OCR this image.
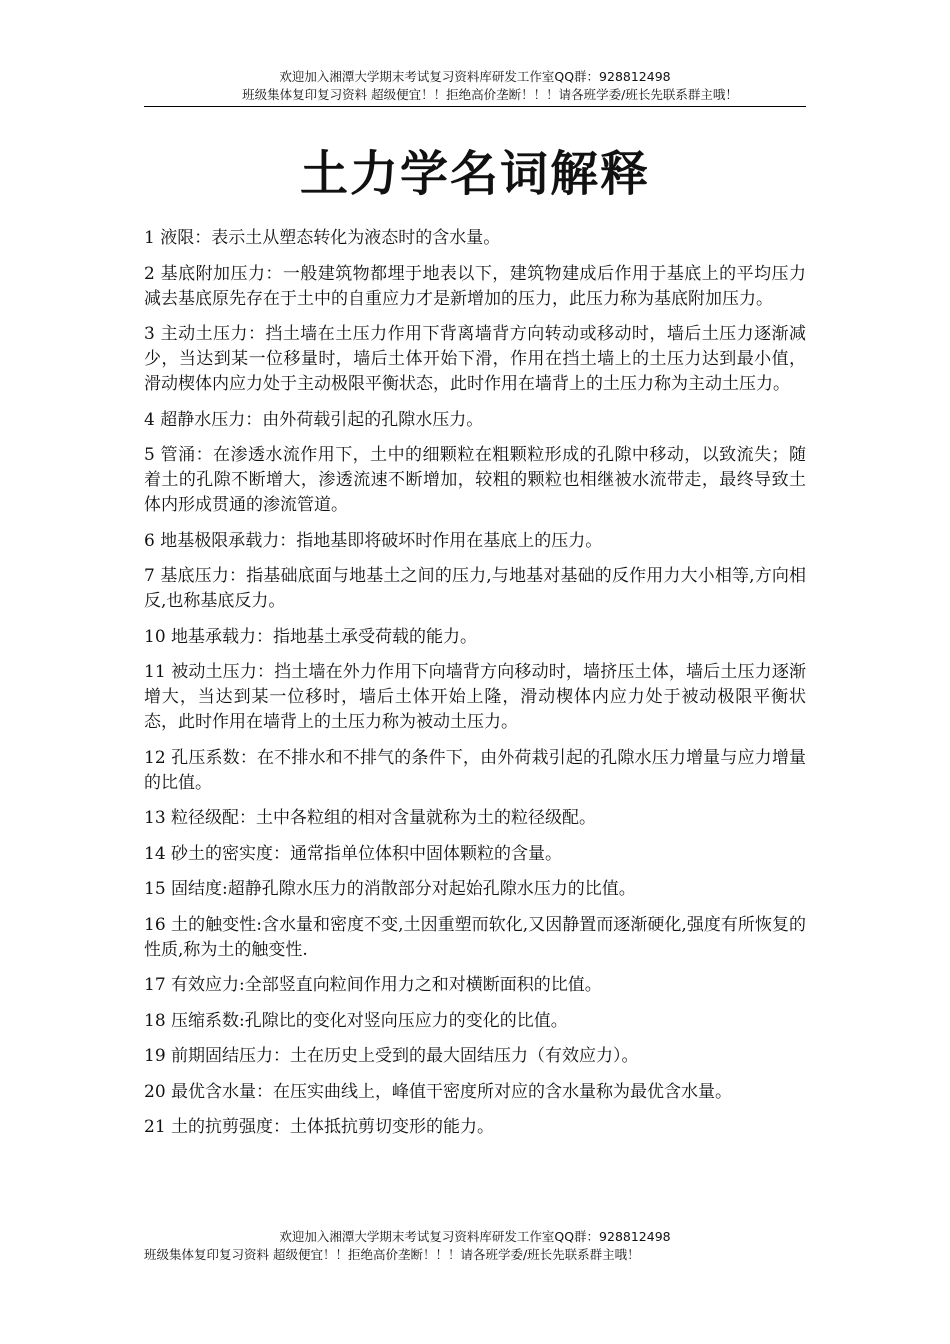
欢迎加入湘潭大学期末考试复习资料库研发工作室QQ群：928812498
班级集体复印复习资料 超级便宜！！拒绝高价垄断！！！请各班学委/班长先联系群主哦！
土力学名词解释

1 液限：表示土从塑态转化为液态时的含水量。

2 基底附加压力：一般建筑物都埋于地表以下，建筑物建成后作用于基底上的平均压力减去基底原先存在于土中的自重应力才是新增加的压力，此压力称为基底附加压力。

3 主动土压力：挡土墙在土压力作用下背离墙背方向转动或移动时，墙后土压力逐渐减少，当达到某一位移量时，墙后土体开始下滑，作用在挡土墙上的土压力达到最小值，滑动楔体内应力处于主动极限平衡状态，此时作用在墙背上的土压力称为主动土压力。

4 超静水压力：由外荷载引起的孔隙水压力。

5 管涌：在渗透水流作用下，土中的细颗粒在粗颗粒形成的孔隙中移动，以致流失；随着土的孔隙不断增大，渗透流速不断增加，较粗的颗粒也相继被水流带走，最终导致土体内形成贯通的渗流管道。

6 地基极限承载力：指地基即将破坏时作用在基底上的压力。

7 基底压力：指基础底面与地基土之间的压力,与地基对基础的反作用力大小相等,方向相反,也称基底反力。

10 地基承载力：指地基土承受荷载的能力。

11 被动土压力：挡土墙在外力作用下向墙背方向移动时，墙挤压土体，墙后土压力逐渐增大，当达到某一位移时，墙后土体开始上隆，滑动楔体内应力处于被动极限平衡状态，此时作用在墙背上的土压力称为被动土压力。

12 孔压系数：在不排水和不排气的条件下，由外荷栽引起的孔隙水压力增量与应力增量的比值。

13 粒径级配：土中各粒组的相对含量就称为土的粒径级配。

14 砂土的密实度：通常指单位体积中固体颗粒的含量。

15 固结度:超静孔隙水压力的消散部分对起始孔隙水压力的比值。

16 土的触变性:含水量和密度不变,土因重塑而软化,又因静置而逐渐硬化,强度有所恢复的性质,称为土的触变性.

17 有效应力:全部竖直向粒间作用力之和对横断面积的比值。

18 压缩系数:孔隙比的变化对竖向压应力的变化的比值。

19 前期固结压力：土在历史上受到的最大固结压力（有效应力）。

20 最优含水量：在压实曲线上，峰值干密度所对应的含水量称为最优含水量。

21 土的抗剪强度：土体抵抗剪切变形的能力。

欢迎加入湘潭大学期末考试复习资料库研发工作室QQ群：928812498
班级集体复印复习资料 超级便宜！！拒绝高价垄断！！！请各班学委/班长先联系群主哦！
